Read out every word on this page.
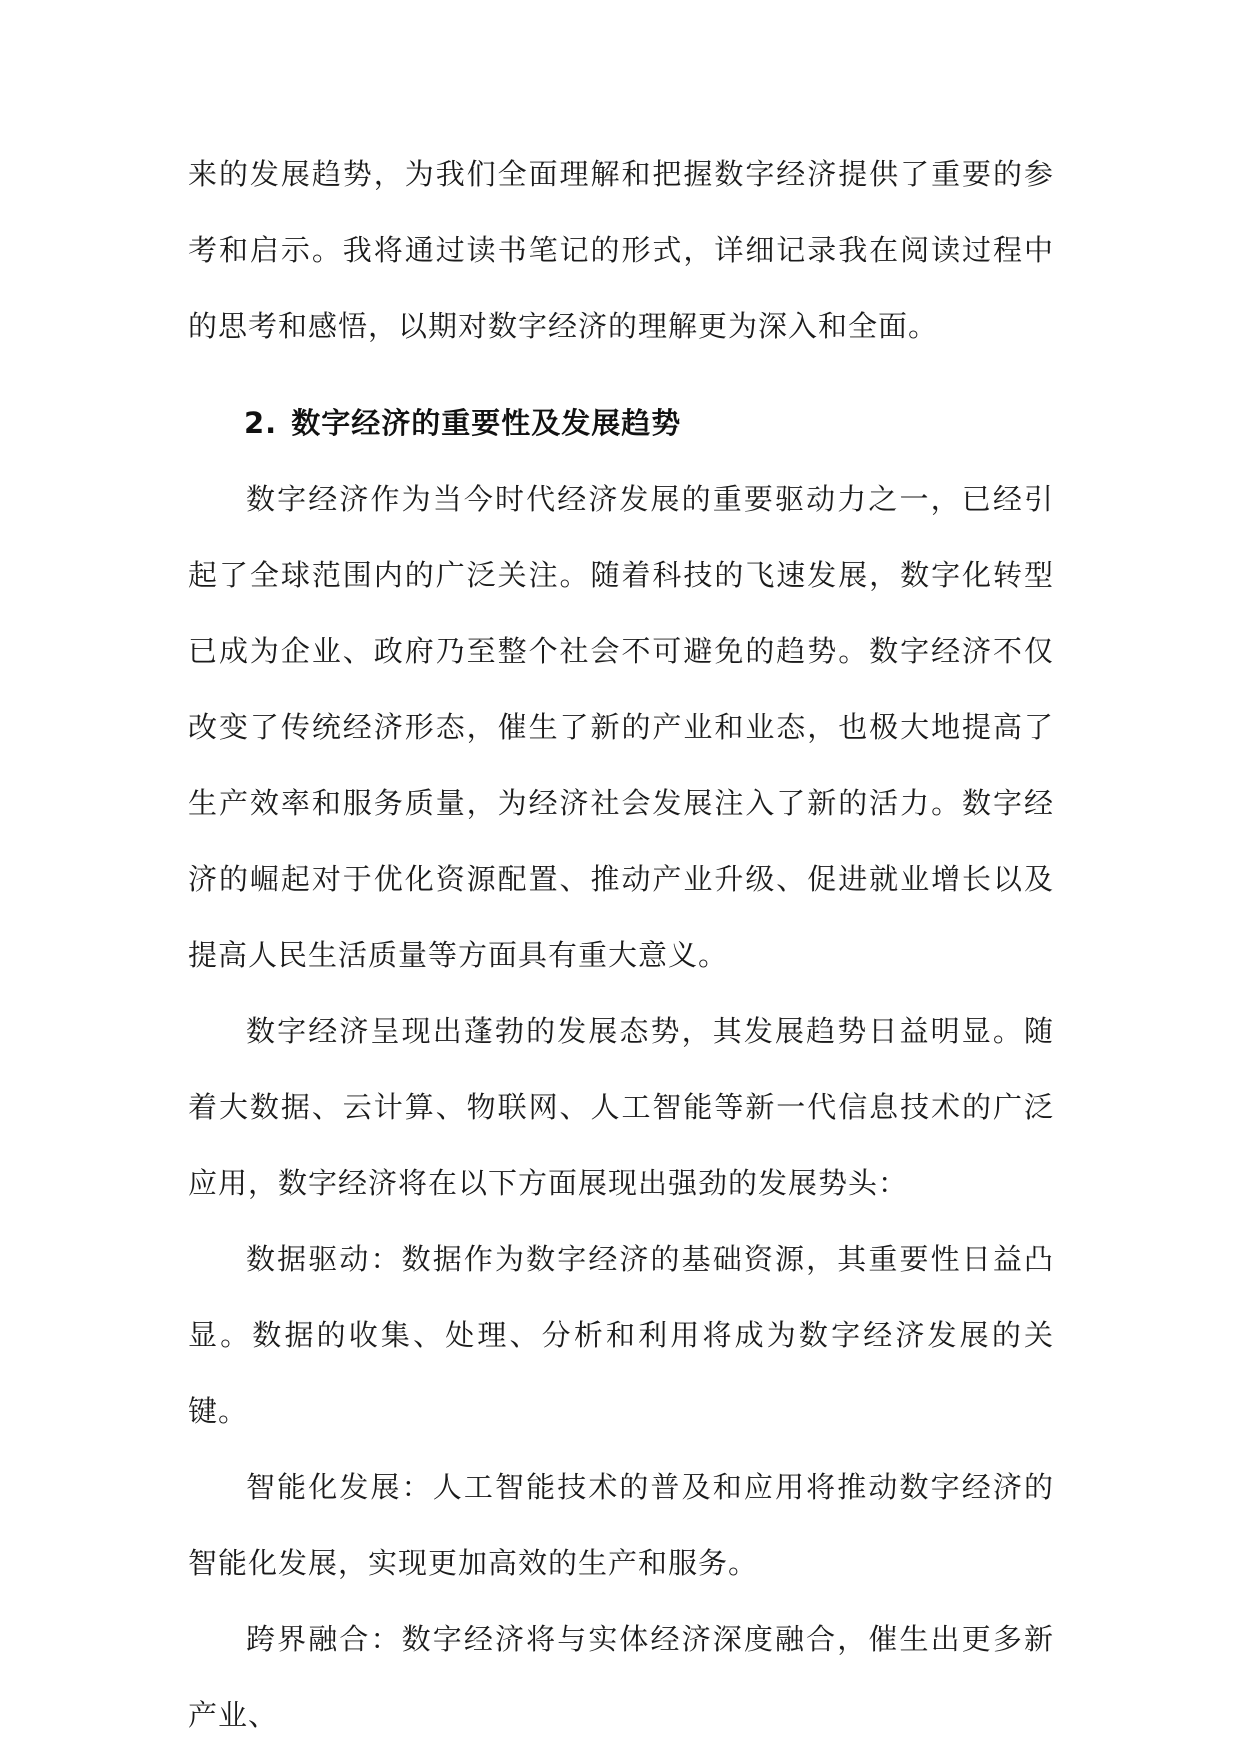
来的发展趋势，为我们全面理解和把握数字经济提供了重要的参考和启示。我将通过读书笔记的形式，详细记录我在阅读过程中的思考和感悟，以期对数字经济的理解更为深入和全面。

2. 数字经济的重要性及发展趋势

数字经济作为当今时代经济发展的重要驱动力之一，已经引起了全球范围内的广泛关注。随着科技的飞速发展，数字化转型已成为企业、政府乃至整个社会不可避免的趋势。数字经济不仅改变了传统经济形态，催生了新的产业和业态，也极大地提高了生产效率和服务质量，为经济社会发展注入了新的活力。数字经济的崛起对于优化资源配置、推动产业升级、促进就业增长以及提高人民生活质量等方面具有重大意义。

数字经济呈现出蓬勃的发展态势，其发展趋势日益明显。随着大数据、云计算、物联网、人工智能等新一代信息技术的广泛应用，数字经济将在以下方面展现出强劲的发展势头：

数据驱动：数据作为数字经济的基础资源，其重要性日益凸显。数据的收集、处理、分析和利用将成为数字经济发展的关键。

智能化发展：人工智能技术的普及和应用将推动数字经济的智能化发展，实现更加高效的生产和服务。

跨界融合：数字经济将与实体经济深度融合，催生出更多新产业、
